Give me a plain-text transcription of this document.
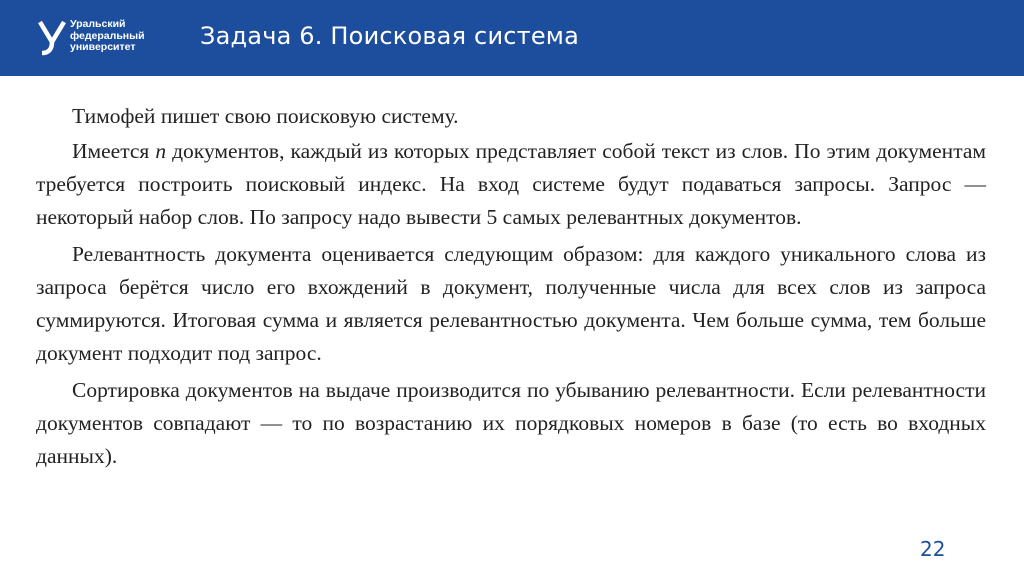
Уральский
федеральный
университет	Задача 6. Поисковая система

Тимофей пишет свою поисковую систему.

Имеется n документов, каждый из которых представляет собой текст из слов. По этим документам требуется построить поисковый индекс. На вход системе будут подаваться запросы. Запрос — некоторый набор слов. По запросу надо вывести 5 самых релевантных документов.

Релевантность документа оценивается следующим образом: для каждого уникального слова из запроса берётся число его вхождений в документ, полученные числа для всех слов из запроса суммируются. Итоговая сумма и является релевантностью документа. Чем больше сумма, тем больше документ подходит под запрос.

Сортировка документов на выдаче производится по убыванию релевантности. Если релевантности документов совпадают — то по возрастанию их порядковых номеров в базе (то есть во входных данных).

22
